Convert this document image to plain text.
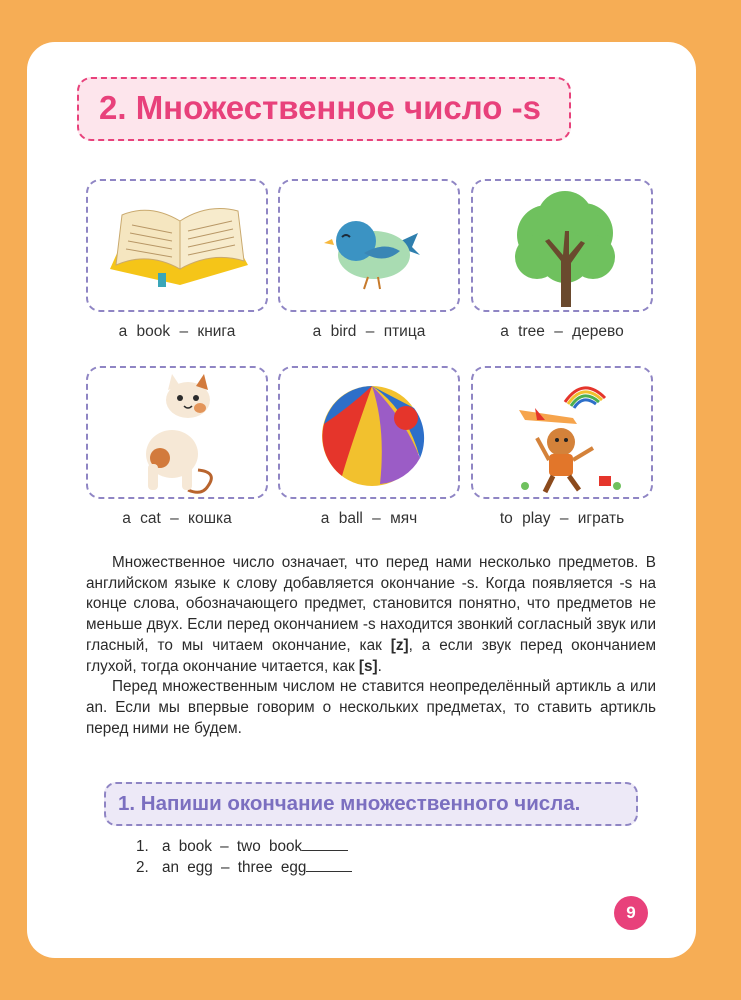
2. Множественное число -s
a book – книга	a bird – птица	a tree – дерево
a cat – кошка	a ball – мяч	to play – играть

Множественное число означает, что перед нами несколько предметов. В английском языке к слову добавляется окончание -s. Когда появляется -s на конце слова, обозначающего предмет, становится понятно, что предметов не меньше двух. Если перед окончанием -s находится звонкий согласный звук или гласный, то мы читаем окончание, как [z], а если звук перед окончанием глухой, тогда окончание читается, как [s].

Перед множественным числом не ставится неопределённый артикль a или an. Если мы впервые говорим о нескольких предметах, то ставить артикль перед ними не будем.

1. Напиши окончание множественного числа.
1. a book – two book
2. an egg – three egg
9
